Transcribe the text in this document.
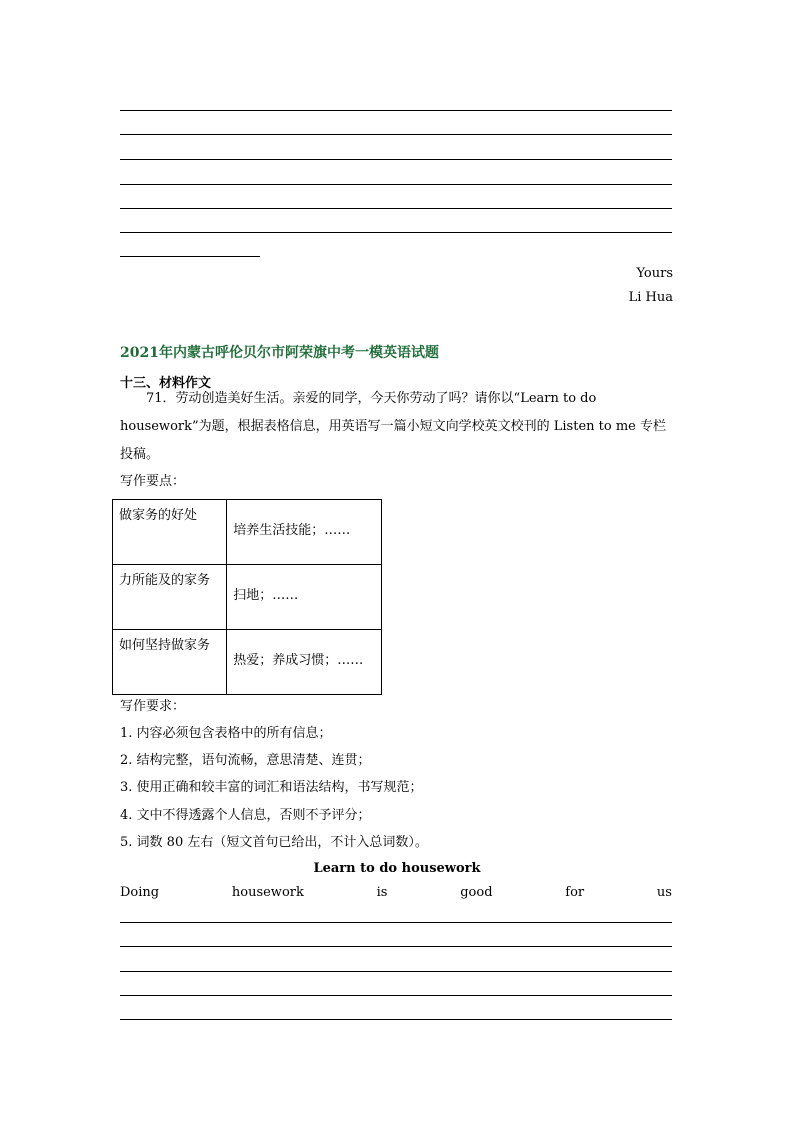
Yours
Li Hua
2021年内蒙古呼伦贝尔市阿荣旗中考一模英语试题
十三、材料作文
71．劳动创造美好生活。亲爱的同学，今天你劳动了吗？请你以“Learn to do housework”为题，根据表格信息，用英语写一篇小短文向学校英文校刊的 Listen to me 专栏投稿。
写作要点：
做家务的好处	培养生活技能；……
力所能及的家务	扫地；……
如何坚持做家务	热爱；养成习惯；……
写作要求：
1. 内容必须包含表格中的所有信息；
2. 结构完整，语句流畅，意思清楚、连贯；
3. 使用正确和较丰富的词汇和语法结构，书写规范；
4. 文中不得透露个人信息，否则不予评分；
5. 词数 80 左右（短文首句已给出，不计入总词数）。
Learn to do housework
Doing	housework	is	good	for	us
